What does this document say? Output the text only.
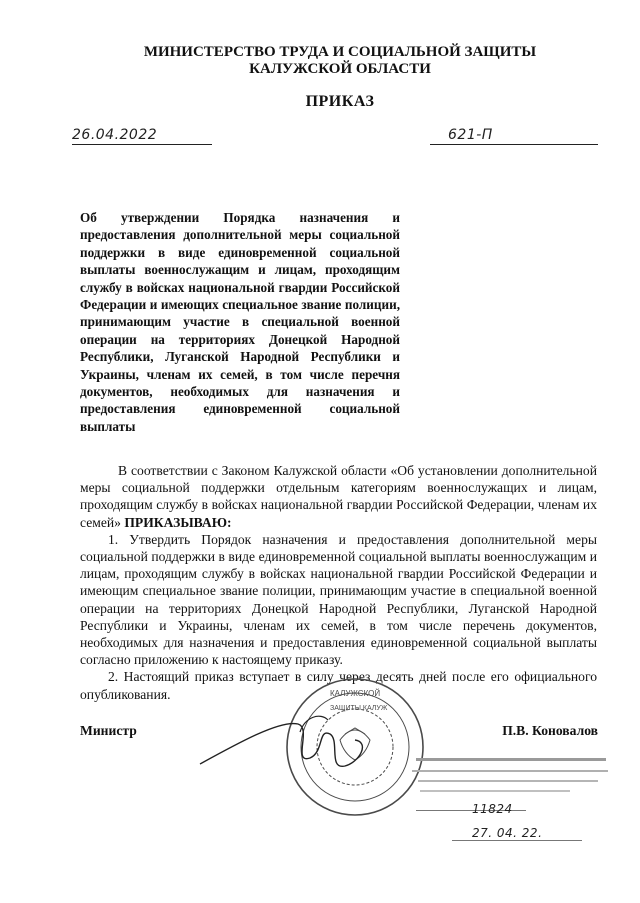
МИНИСТЕРСТВО ТРУДА И СОЦИАЛЬНОЙ ЗАЩИТЫ
КАЛУЖСКОЙ ОБЛАСТИ
ПРИКАЗ
26.04.2022	621-П
Об утверждении Порядка назначения и предоставления дополнительной меры социальной поддержки в виде единовременной социальной выплаты военнослужащим и лицам, проходящим службу в войсках национальной гвардии Российской Федерации и имеющих специальное звание полиции, принимающим участие в специальной военной операции на территориях Донецкой Народной Республики, Луганской Народной Республики и Украины, членам их семей, в том числе перечня документов, необходимых для назначения и предоставления единовременной социальной выплаты

В соответствии с Законом Калужской области «Об установлении дополнительной меры социальной поддержки отдельным категориям военнослужащих и лицам, проходящим службу в войсках национальной гвардии Российской Федерации, членам их семей» ПРИКАЗЫВАЮ:

1. Утвердить Порядок назначения и предоставления дополнительной меры социальной поддержки в виде единовременной социальной выплаты военнослужащим и лицам, проходящим службу в войсках национальной гвардии Российской Федерации и имеющим специальное звание полиции, принимающим участие в специальной военной операции на территориях Донецкой Народной Республики, Луганской Народной Республики и Украины, членам их семей, в том числе перечень документов, необходимых для назначения и предоставления единовременной социальной выплаты согласно приложению к настоящему приказу.

2. Настоящий приказ вступает в силу через десять дней после его официального опубликования.	КАЛУЖСКОЙ
ЗАЩИТЫ КАЛУЖ
Министр	П.В. Коновалов
11824
27. 04. 22.
